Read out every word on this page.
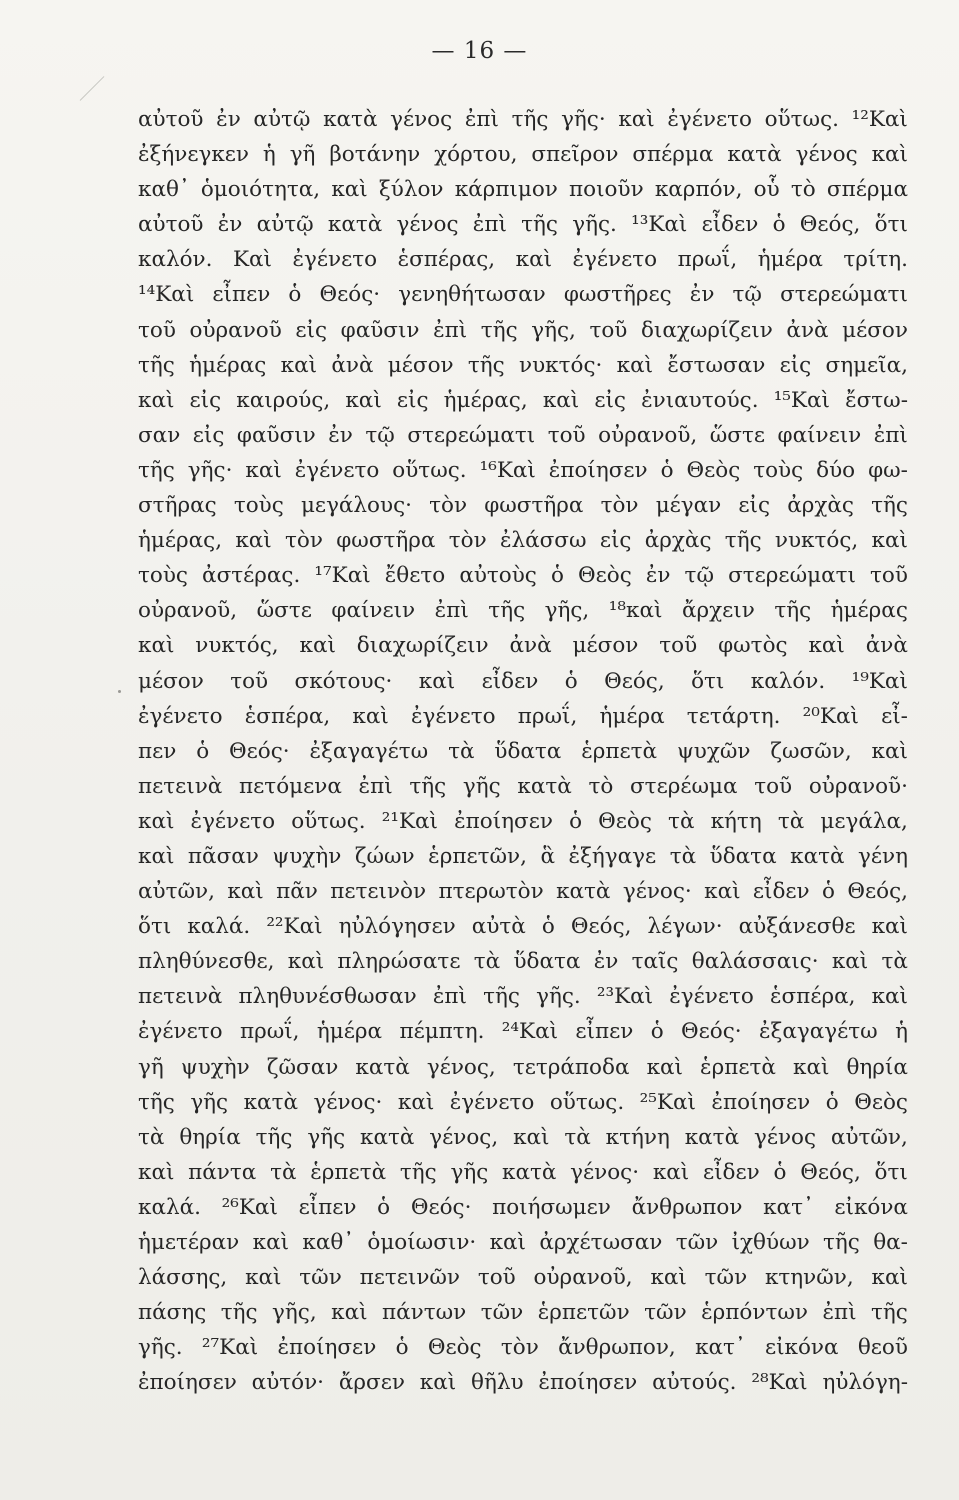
— 16 —
αὐτοῦ ἐν αὐτῷ κατὰ γένος ἐπὶ τῆς γῆς· καὶ ἐγένετο οὕτως. ¹²Καὶ
ἐξήνεγκεν ἡ γῆ βοτάνην χόρτου, σπεῖρον σπέρμα κατὰ γένος καὶ
καθ᾽ ὁμοιότητα, καὶ ξύλον κάρπιμον ποιοῦν καρπόν, οὗ τὸ σπέρμα
αὐτοῦ ἐν αὐτῷ κατὰ γένος ἐπὶ τῆς γῆς. ¹³Καὶ εἶδεν ὁ Θεός, ὅτι
καλόν. Καὶ ἐγένετο ἑσπέρας, καὶ ἐγένετο πρωΐ, ἡμέρα τρίτη.
¹⁴Καὶ εἶπεν ὁ Θεός· γενηθήτωσαν φωστῆρες ἐν τῷ στερεώματι
τοῦ οὐρανοῦ εἰς φαῦσιν ἐπὶ τῆς γῆς, τοῦ διαχωρίζειν ἀνὰ μέσον
τῆς ἡμέρας καὶ ἀνὰ μέσον τῆς νυκτός· καὶ ἔστωσαν εἰς σημεῖα,
καὶ εἰς καιρούς, καὶ εἰς ἡμέρας, καὶ εἰς ἐνιαυτούς. ¹⁵Καὶ ἔστω-
σαν εἰς φαῦσιν ἐν τῷ στερεώματι τοῦ οὐρανοῦ, ὥστε φαίνειν ἐπὶ
τῆς γῆς· καὶ ἐγένετο οὕτως. ¹⁶Καὶ ἐποίησεν ὁ Θεὸς τοὺς δύο φω-
στῆρας τοὺς μεγάλους· τὸν φωστῆρα τὸν μέγαν εἰς ἀρχὰς τῆς
ἡμέρας, καὶ τὸν φωστῆρα τὸν ἐλάσσω εἰς ἀρχὰς τῆς νυκτός, καὶ
τοὺς ἀστέρας. ¹⁷Καὶ ἔθετο αὐτοὺς ὁ Θεὸς ἐν τῷ στερεώματι τοῦ
οὐρανοῦ, ὥστε φαίνειν ἐπὶ τῆς γῆς, ¹⁸καὶ ἄρχειν τῆς ἡμέρας
καὶ νυκτός, καὶ διαχωρίζειν ἀνὰ μέσον τοῦ φωτὸς καὶ ἀνὰ
μέσον τοῦ σκότους· καὶ εἶδεν ὁ Θεός, ὅτι καλόν. ¹⁹Καὶ
ἐγένετο ἑσπέρα, καὶ ἐγένετο πρωΐ, ἡμέρα τετάρτη. ²⁰Καὶ εἶ-
πεν ὁ Θεός· ἐξαγαγέτω τὰ ὕδατα ἑρπετὰ ψυχῶν ζωσῶν, καὶ
πετεινὰ πετόμενα ἐπὶ τῆς γῆς κατὰ τὸ στερέωμα τοῦ οὐρανοῦ·
καὶ ἐγένετο οὕτως. ²¹Καὶ ἐποίησεν ὁ Θεὸς τὰ κήτη τὰ μεγάλα,
καὶ πᾶσαν ψυχὴν ζώων ἑρπετῶν, ἃ ἐξήγαγε τὰ ὕδατα κατὰ γένη
αὐτῶν, καὶ πᾶν πετεινὸν πτερωτὸν κατὰ γένος· καὶ εἶδεν ὁ Θεός,
ὅτι καλά. ²²Καὶ ηὐλόγησεν αὐτὰ ὁ Θεός, λέγων· αὐξάνεσθε καὶ
πληθύνεσθε, καὶ πληρώσατε τὰ ὕδατα ἐν ταῖς θαλάσσαις· καὶ τὰ
πετεινὰ πληθυνέσθωσαν ἐπὶ τῆς γῆς. ²³Καὶ ἐγένετο ἑσπέρα, καὶ
ἐγένετο πρωΐ, ἡμέρα πέμπτη. ²⁴Καὶ εἶπεν ὁ Θεός· ἐξαγαγέτω ἡ
γῆ ψυχὴν ζῶσαν κατὰ γένος, τετράποδα καὶ ἑρπετὰ καὶ θηρία
τῆς γῆς κατὰ γένος· καὶ ἐγένετο οὕτως. ²⁵Καὶ ἐποίησεν ὁ Θεὸς
τὰ θηρία τῆς γῆς κατὰ γένος, καὶ τὰ κτήνη κατὰ γένος αὐτῶν,
καὶ πάντα τὰ ἑρπετὰ τῆς γῆς κατὰ γένος· καὶ εἶδεν ὁ Θεός, ὅτι
καλά. ²⁶Καὶ εἶπεν ὁ Θεός· ποιήσωμεν ἄνθρωπον κατ᾽ εἰκόνα
ἡμετέραν καὶ καθ᾽ ὁμοίωσιν· καὶ ἀρχέτωσαν τῶν ἰχθύων τῆς θα-
λάσσης, καὶ τῶν πετεινῶν τοῦ οὐρανοῦ, καὶ τῶν κτηνῶν, καὶ
πάσης τῆς γῆς, καὶ πάντων τῶν ἑρπετῶν τῶν ἑρπόντων ἐπὶ τῆς
γῆς. ²⁷Καὶ ἐποίησεν ὁ Θεὸς τὸν ἄνθρωπον, κατ᾽ εἰκόνα θεοῦ
ἐποίησεν αὐτόν· ἄρσεν καὶ θῆλυ ἐποίησεν αὐτούς. ²⁸Καὶ ηὐλόγη-
